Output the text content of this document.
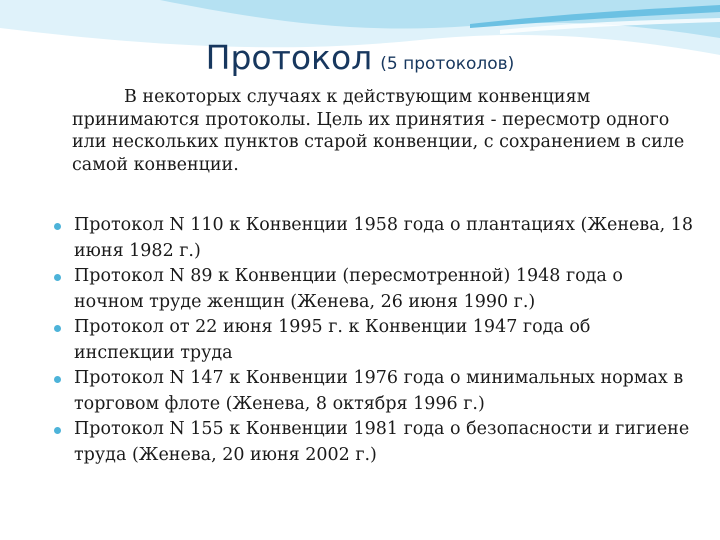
Протокол (5 протоколов)

В некоторых случаях к действующим конвенциям принимаются протоколы. Цель их принятия - пересмотр одного или нескольких пунктов старой конвенции, с сохранением в силе самой конвенции.

Протокол N 110 к Конвенции 1958 года о плантациях (Женева, 18 июня 1982 г.)
Протокол N 89 к Конвенции (пересмотренной) 1948 года о ночном труде женщин (Женева, 26 июня 1990 г.)
Протокол от 22 июня 1995 г. к Конвенции 1947 года об инспекции труда
Протокол N 147 к Конвенции 1976 года о минимальных нормах в торговом флоте (Женева, 8 октября 1996 г.)
Протокол N 155 к Конвенции 1981 года о безопасности и гигиене труда (Женева, 20 июня 2002 г.)
